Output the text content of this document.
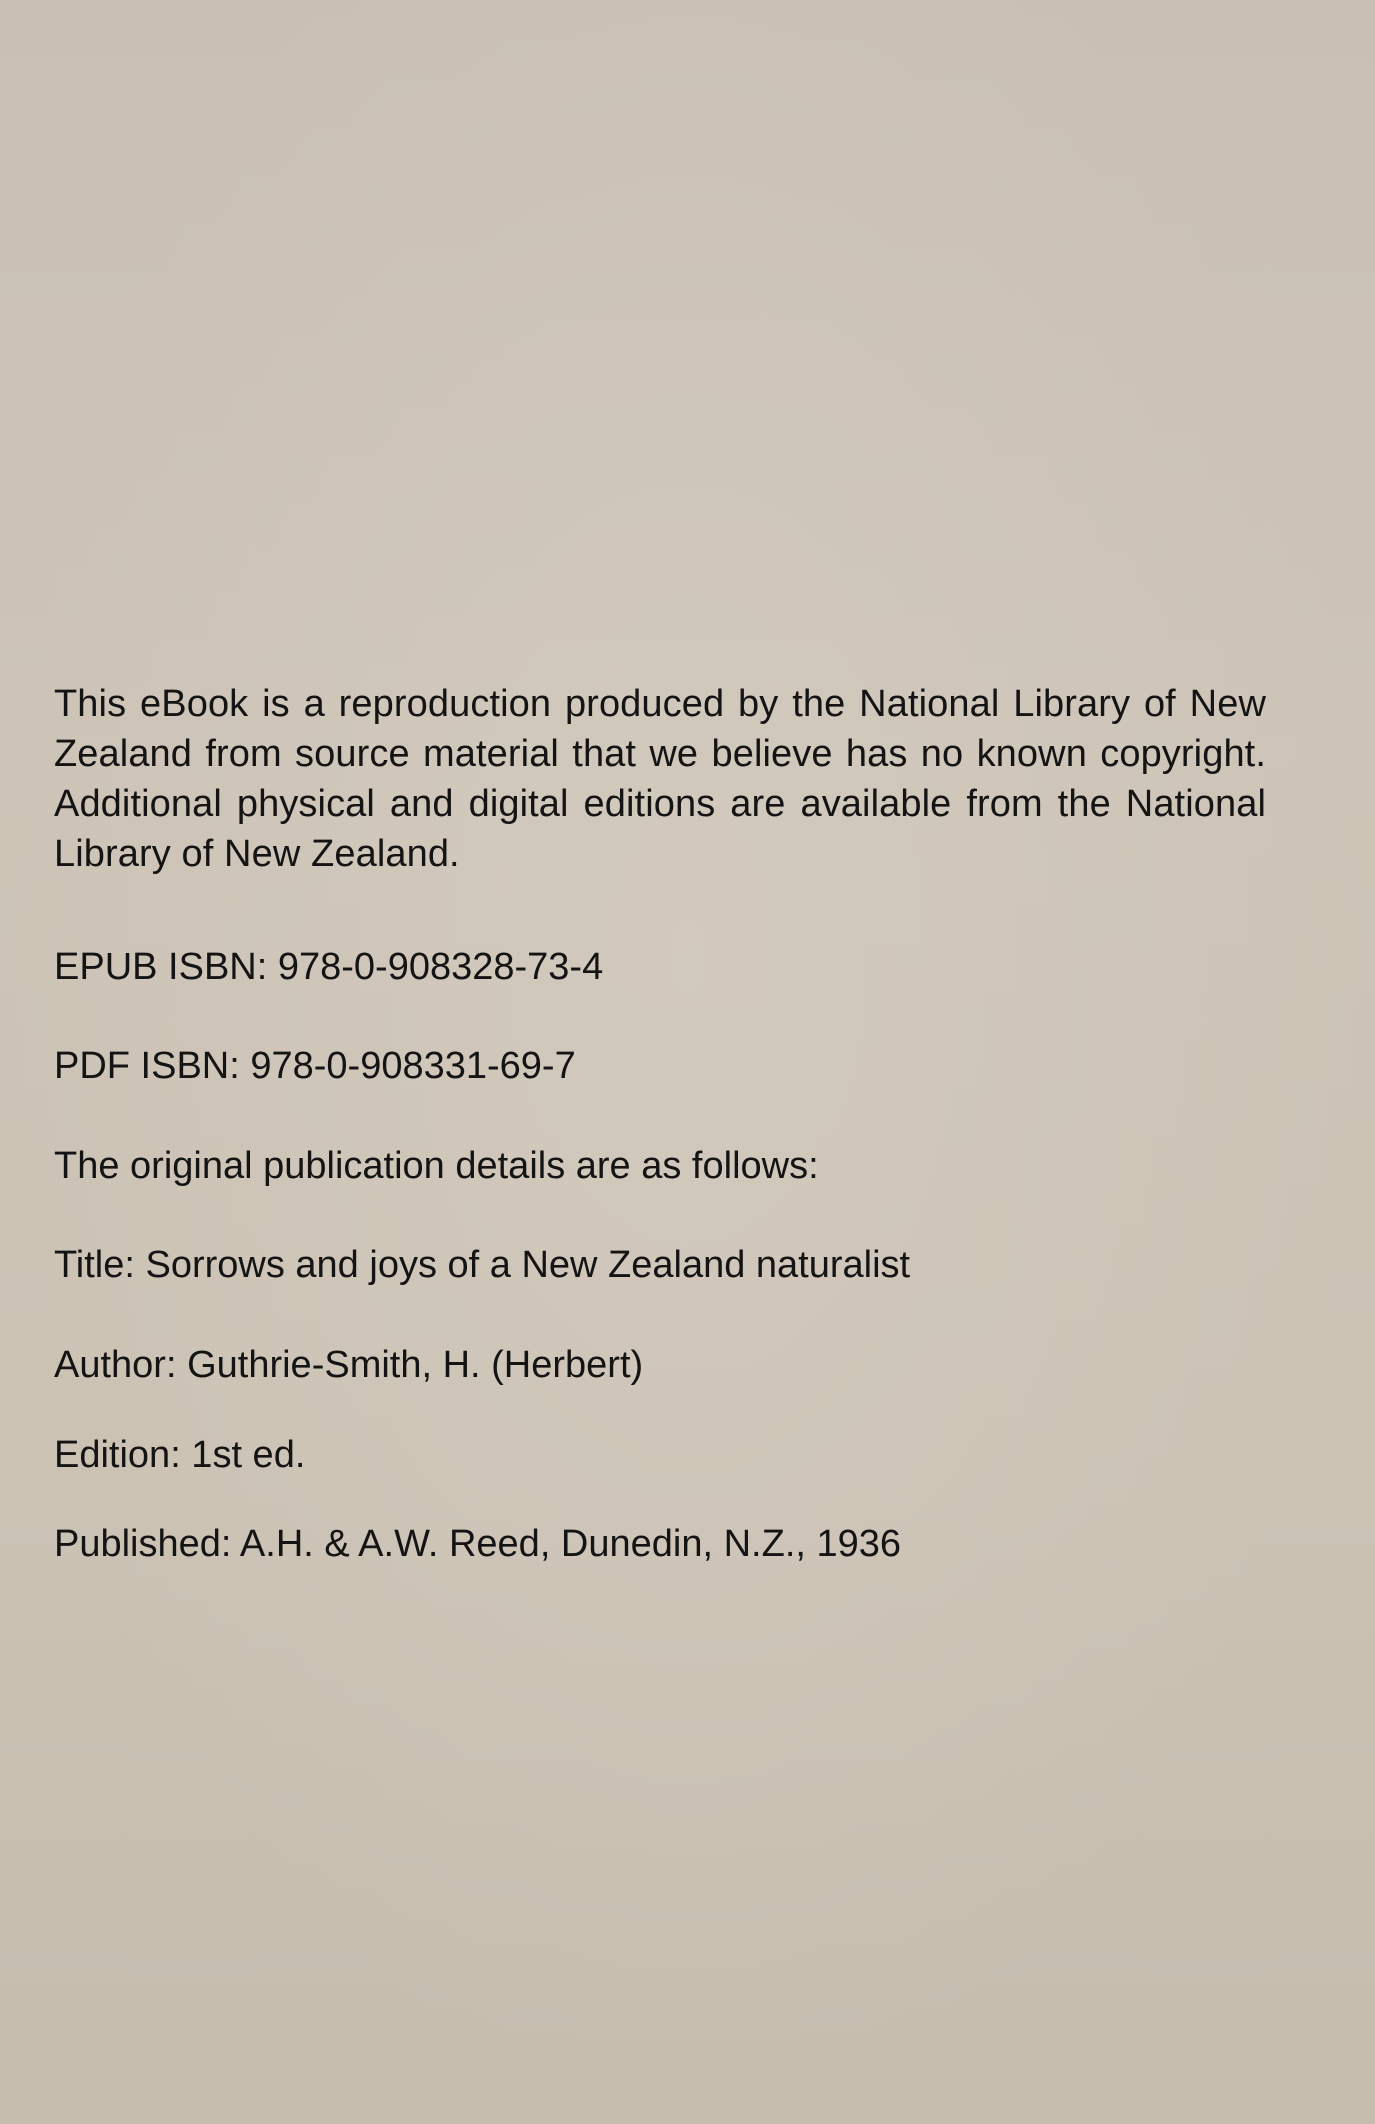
This eBook is a reproduction produced by the National Library of New Zealand from source material that we believe has no known copyright. Additional physical and digital editions are available from the National Library of New Zealand.

EPUB ISBN: 978-0-908328-73-4

PDF ISBN: 978-0-908331-69-7

The original publication details are as follows:

Title: Sorrows and joys of a New Zealand naturalist

Author: Guthrie-Smith, H. (Herbert)

Edition: 1st ed.

Published: A.H. & A.W. Reed, Dunedin, N.Z., 1936
